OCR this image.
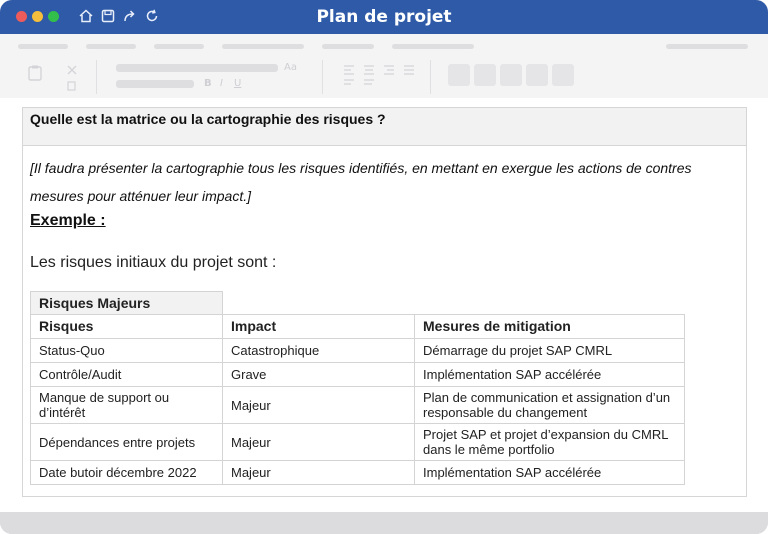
Plan de projet
Aa
B I U
Quelle est la matrice ou la cartographie des risques ?
[Il faudra présenter la cartographie tous les risques identifiés, en mettant en exergue les actions de contres mesures pour atténuer leur impact.]
Exemple :
Les risques initiaux du projet sont :
Risques Majeurs		
Risques	Impact	Mesures de mitigation
Status-Quo	Catastrophique	Démarrage du projet SAP CMRL
Contrôle/Audit	Grave	Implémentation SAP accélérée
Manque de support ou d’intérêt	Majeur	Plan de communication et assignation d’un responsable du changement
Dépendances entre projets	Majeur	Projet SAP et projet d’expansion du CMRL dans le même portfolio
Date butoir décembre 2022	Majeur	Implémentation SAP accélérée
